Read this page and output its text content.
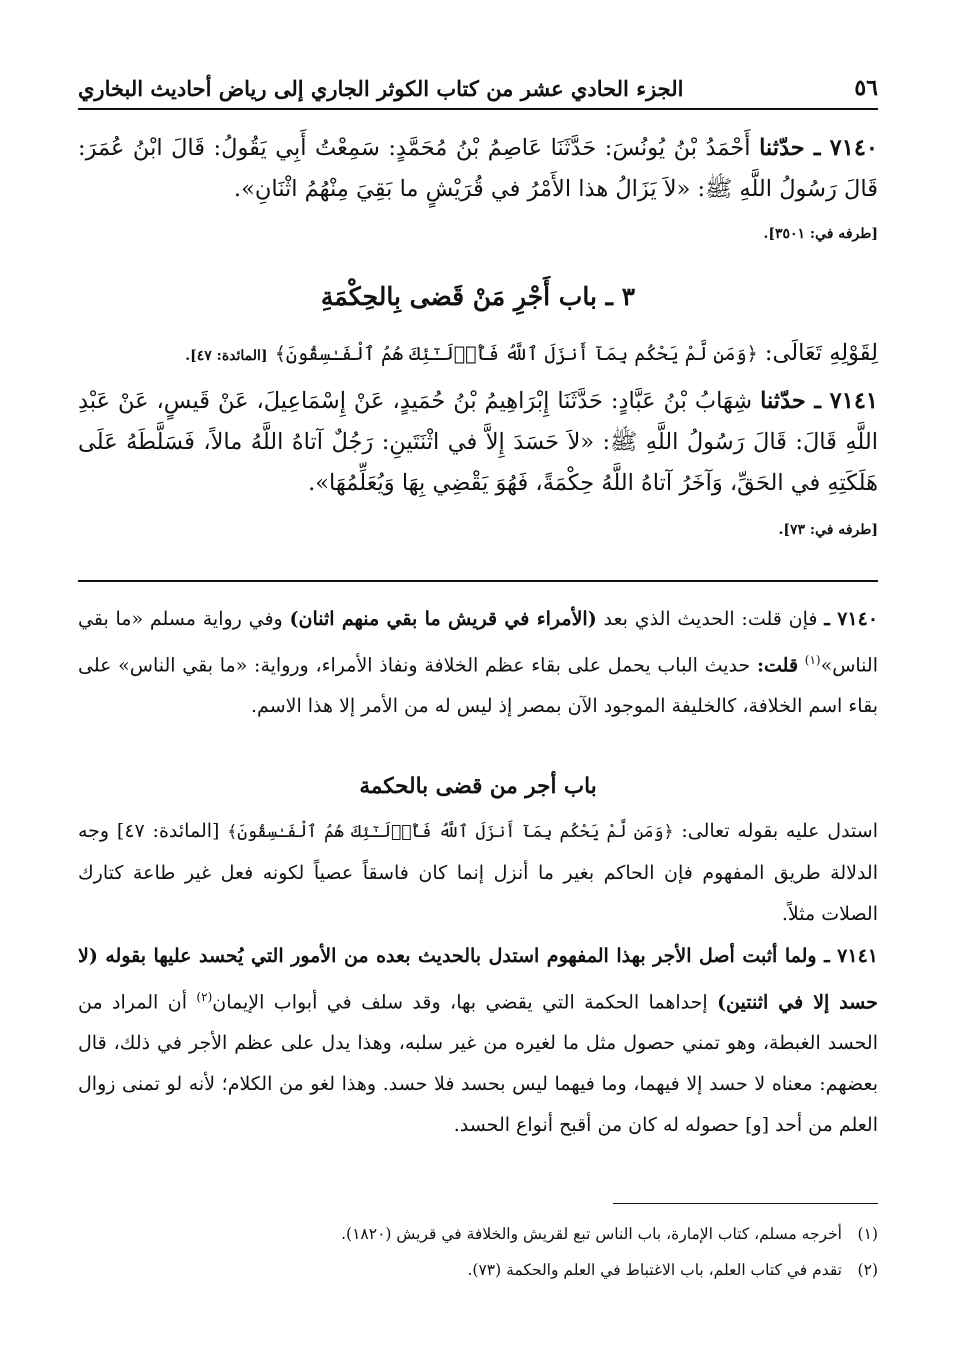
٥٦
الجزء الحادي عشر من كتاب الكوثر الجاري إلى رياض أحاديث البخاري

٧١٤٠ ـ حدّثنا أَحْمَدُ بْنُ يُونُسَ: حَدَّثَنَا عَاصِمُ بْنُ مُحَمَّدٍ: سَمِعْتُ أَبِي يَقُولُ: قَالَ ابْنُ عُمَرَ: قَالَ رَسُولُ اللَّهِ ﷺ: «لاَ يَزَالُ هذا الأَمْرُ في قُرَيْشٍ ما بَقِيَ مِنْهُمُ اثْنَانِ».

[طرفه في: ٣٥٠١].

٣ ـ باب أَجْرِ مَنْ قَضى بِالحِكْمَةِ

لِقَوْلِهِ تَعَالَى: ﴿وَمَن لَّمْ يَحْكُم بِمَآ أَنزَلَ ٱللَّهُ فَأُو۟لَـٰٓئِكَ هُمُ ٱلْفَـٰسِقُونَ﴾ [المائدة: ٤٧].

٧١٤١ ـ حدّثنا شِهَابُ بْنُ عَبَّادٍ: حَدَّثَنَا إِبْرَاهِيمُ بْنُ حُمَيدٍ، عَنْ إِسْمَاعِيلَ، عَنْ قَيسٍ، عَنْ عَبْدِ اللَّهِ قَالَ: قَالَ رَسُولُ اللَّهِ ﷺ: «لاَ حَسَدَ إِلاَّ في اثْنَتَينِ: رَجُلٌ آتاهُ اللَّهُ مالاً، فَسَلَّطَهُ عَلَى هَلَكَتِهِ في الحَقِّ، وَآخَرُ آتاهُ اللَّهُ حِكْمَةً، فَهُوَ يَقْضِي بِهَا وَيُعَلِّمُهَا».

[طرفه في: ٧٣].

٧١٤٠ ـ فإن قلت: الحديث الذي بعد (الأمراء في قريش ما بقي منهم اثنان) وفي رواية مسلم «ما بقي الناس»$^{(١)}$ قلت: حديث الباب يحمل على بقاء عظم الخلافة ونفاذ الأمراء، ورواية: «ما بقي الناس» على بقاء اسم الخلافة، كالخليفة الموجود الآن بمصر إذ ليس له من الأمر إلا هذا الاسم.

باب أجر من قضى بالحكمة

استدل عليه بقوله تعالى: ﴿وَمَن لَّمْ يَحْكُم بِمَآ أَنزَلَ ٱللَّهُ فَأُو۟لَـٰٓئِكَ هُمُ ٱلْفَـٰسِقُونَ﴾ [المائدة: ٤٧] وجه الدلالة طريق المفهوم فإن الحاكم بغير ما أنزل إنما كان فاسقاً عصياً لكونه فعل غير طاعة كتارك الصلات مثلاً.

٧١٤١ ـ ولما أثبت أصل الأجر بهذا المفهوم استدل بالحديث بعده من الأمور التي يُحسد عليها بقوله (لا حسد إلا في اثنتين) إحداهما الحكمة التي يقضي بها، وقد سلف في أبواب الإيمان$^{(٢)}$ أن المراد من الحسد الغبطة، وهو تمني حصول مثل ما لغيره من غير سلبه، وهذا يدل على عظم الأجر في ذلك، قال بعضهم: معناه لا حسد إلا فيهما، وما فيهما ليس بحسد فلا حسد. وهذا لغو من الكلام؛ لأنه لو تمنى زوال العلم من أحد [و] حصوله له كان من أقبح أنواع الحسد.

(١)
أخرجه مسلم، كتاب الإمارة، باب الناس تبع لقريش والخلافة في قريش (١٨٢٠).
(٢)
تقدم في كتاب العلم، باب الاغتباط في العلم والحكمة (٧٣).
